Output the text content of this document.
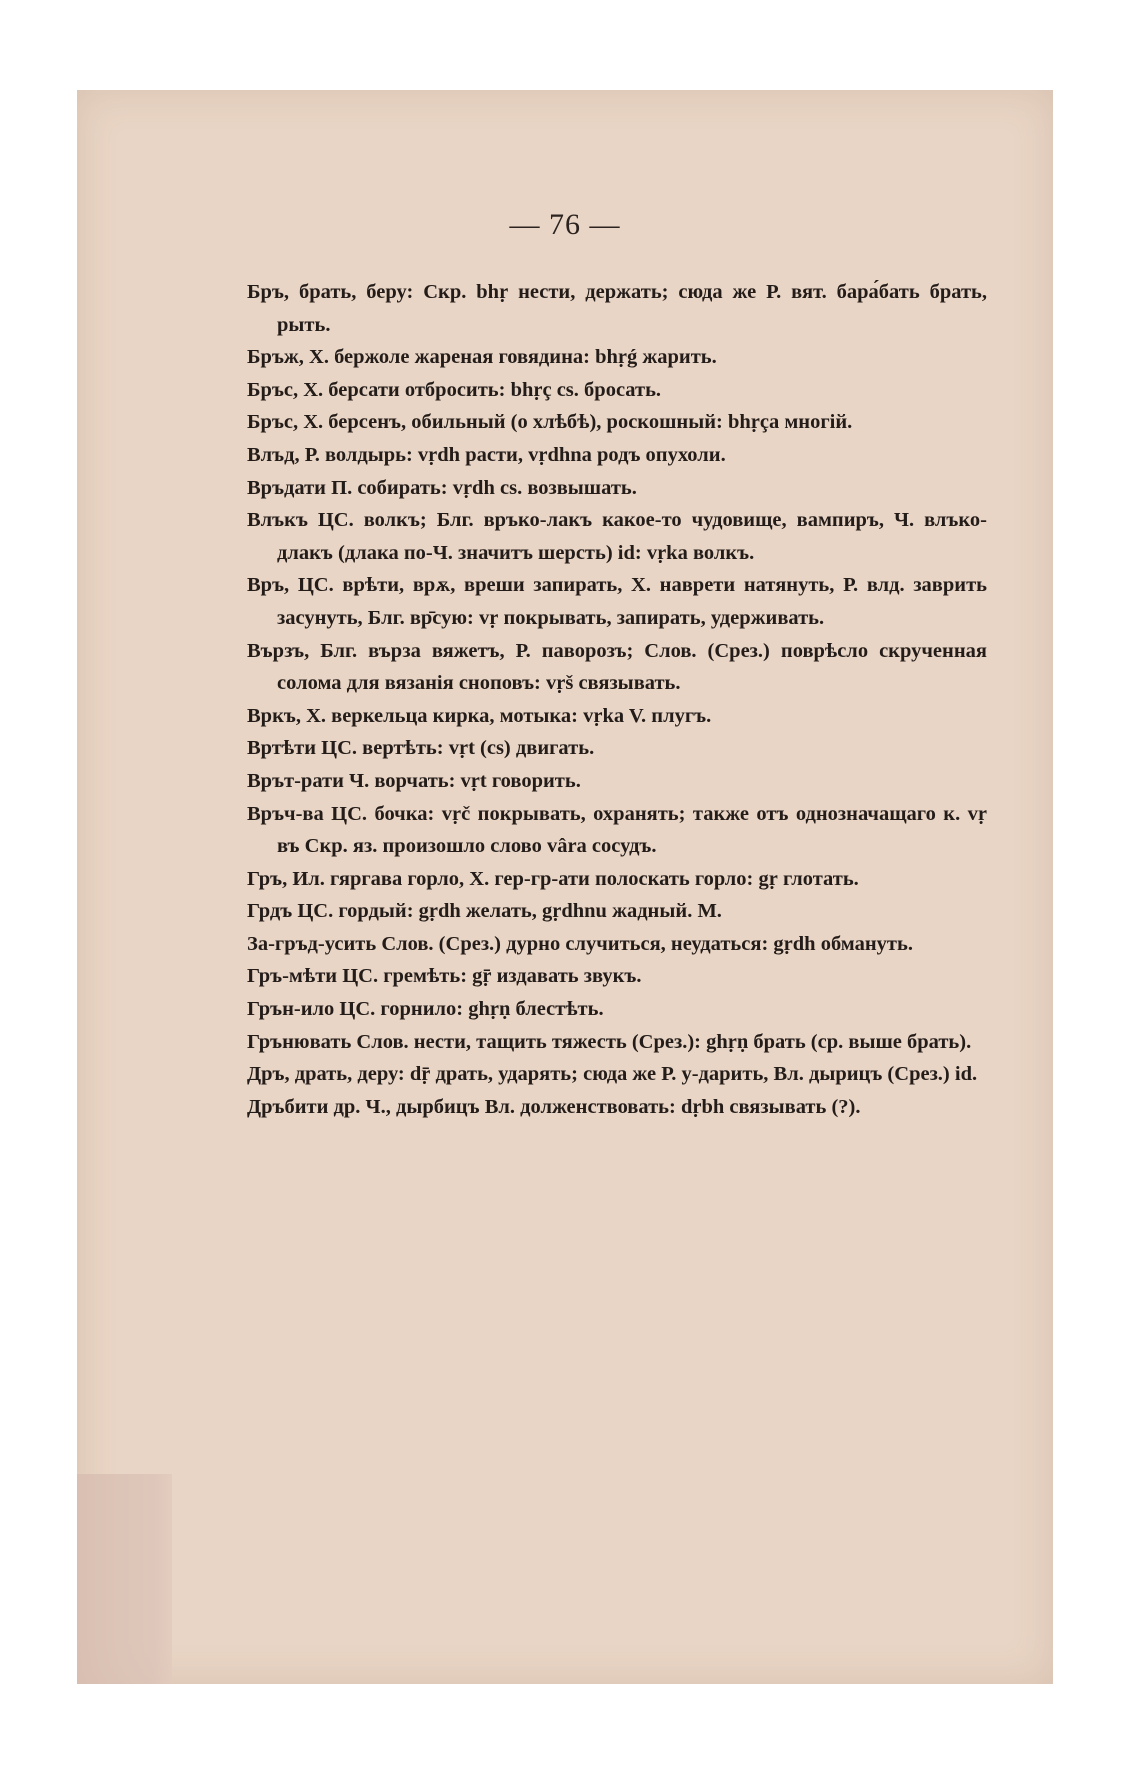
— 76 —

Бръ, брать, беру: Скр. bhṛ нести, держать; сюда же Р. вят. бара́бать брать, рыть.

Бръж, Х. бержоле жареная говядина: bhṛǵ жарить.

Бръс, Х. берсати отбросить: bhṛç cs. бросать.

Бръс, Х. берсенъ, обильный (о хлѣбѣ), роскошный: bhṛça многій.

Влъд, Р. волдырь: vṛdh расти, vṛdhna родъ опухоли.

Връдати П. собирать: vṛdh cs. возвышать.

Влъкъ ЦС. волкъ; Блг. връко-лакъ какое-то чудовище, вампиръ, Ч. влъко-длакъ (длака по-Ч. значитъ шерсть) id: vṛka волкъ.

Връ, ЦС. врѣти, врѫ, вреши запирать, Х. наврети натянуть, Р. влд. заврить засунуть, Блг. вр̄сую: vṛ покрывать, запирать, удерживать.

Вързъ, Блг. върза вяжетъ, Р. паворозъ; Слов. (Срез.) поврѣсло скрученная солома для вязанія сноповъ: vṛš связывать.

Вркъ, Х. веркельца кирка, мотыка: vṛka V. плугъ.

Вртѣти ЦС. вертѣть: vṛt (cs) двигать.

Врът-рати Ч. ворчать: vṛt говорить.

Връч-ва ЦС. бочка: vṛč покрывать, охранять; также отъ однозначащаго к. vṛ въ Скр. яз. произошло слово vâra сосудъ.

Гръ, Ил. гяргава горло, Х. гер-гр-ати полоскать горло: gṛ глотать.

Грдъ ЦС. гордый: gṛdh желать, gṛdhnu жадный. М.

За-гръд-усить Слов. (Срез.) дурно случиться, неудаться: gṛdh обмануть.

Гръ-мѣти ЦС. гремѣть: gṝ издавать звукъ.

Грън-ило ЦС. горнило: ghṛṇ блестѣть.

Грънювать Слов. нести, тащить тяжесть (Срез.): ghṛṇ брать (ср. выше брать).

Дръ, драть, деру: dṝ драть, ударять; сюда же Р. у-дарить, Вл. дырицъ (Срез.) id.

Дръбити др. Ч., дырбицъ Вл. долженствовать: dṛbh связывать (?).
